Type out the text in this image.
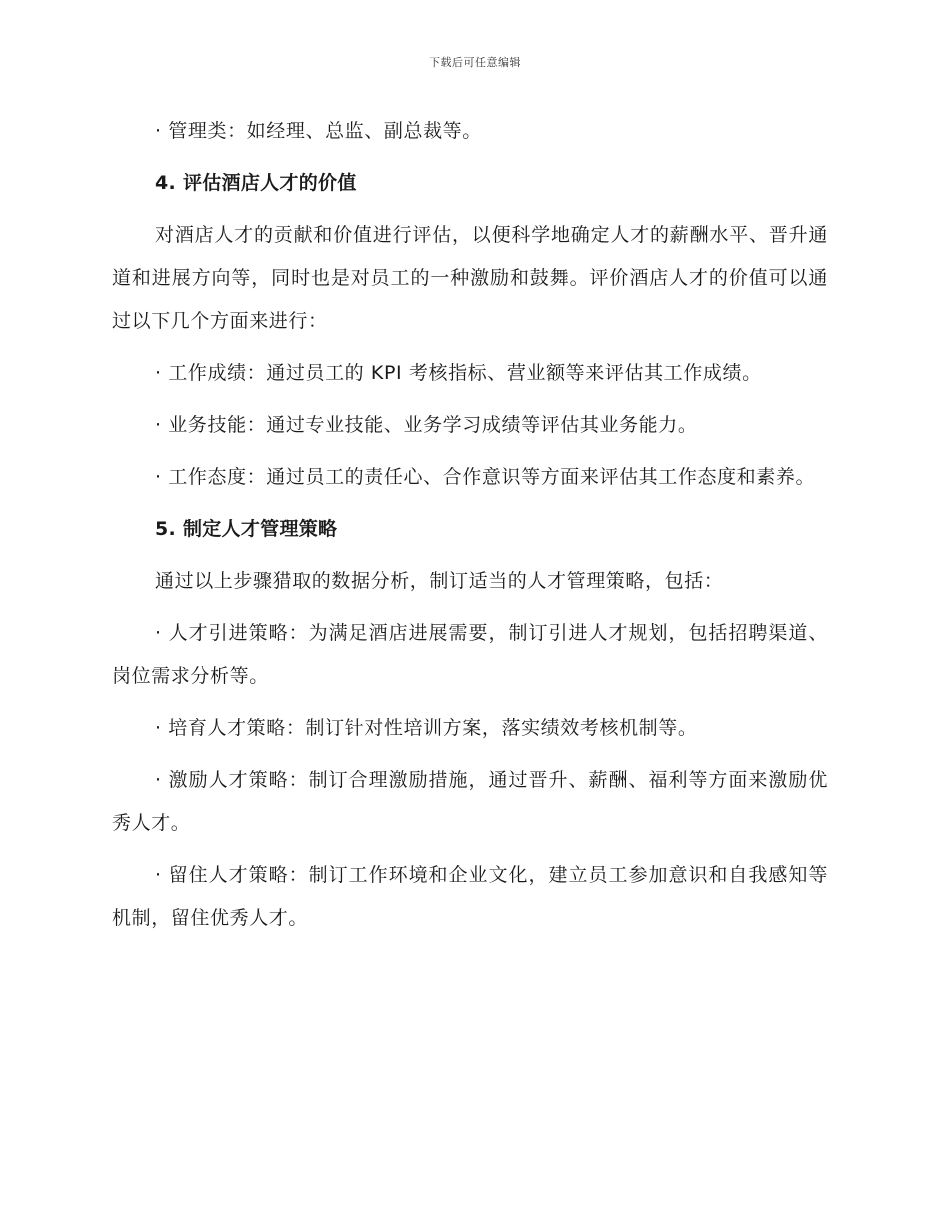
下载后可任意编辑

· 管理类：如经理、总监、副总裁等。

4. 评估酒店人才的价值

对酒店人才的贡献和价值进行评估，以便科学地确定人才的薪酬水平、晋升通道和进展方向等，同时也是对员工的一种激励和鼓舞。评价酒店人才的价值可以通过以下几个方面来进行：

· 工作成绩：通过员工的 KPI 考核指标、营业额等来评估其工作成绩。

· 业务技能：通过专业技能、业务学习成绩等评估其业务能力。

· 工作态度：通过员工的责任心、合作意识等方面来评估其工作态度和素养。

5. 制定人才管理策略

通过以上步骤猎取的数据分析，制订适当的人才管理策略，包括：

· 人才引进策略：为满足酒店进展需要，制订引进人才规划，包括招聘渠道、岗位需求分析等。

· 培育人才策略：制订针对性培训方案，落实绩效考核机制等。

· 激励人才策略：制订合理激励措施，通过晋升、薪酬、福利等方面来激励优秀人才。

· 留住人才策略：制订工作环境和企业文化，建立员工参加意识和自我感知等机制，留住优秀人才。
